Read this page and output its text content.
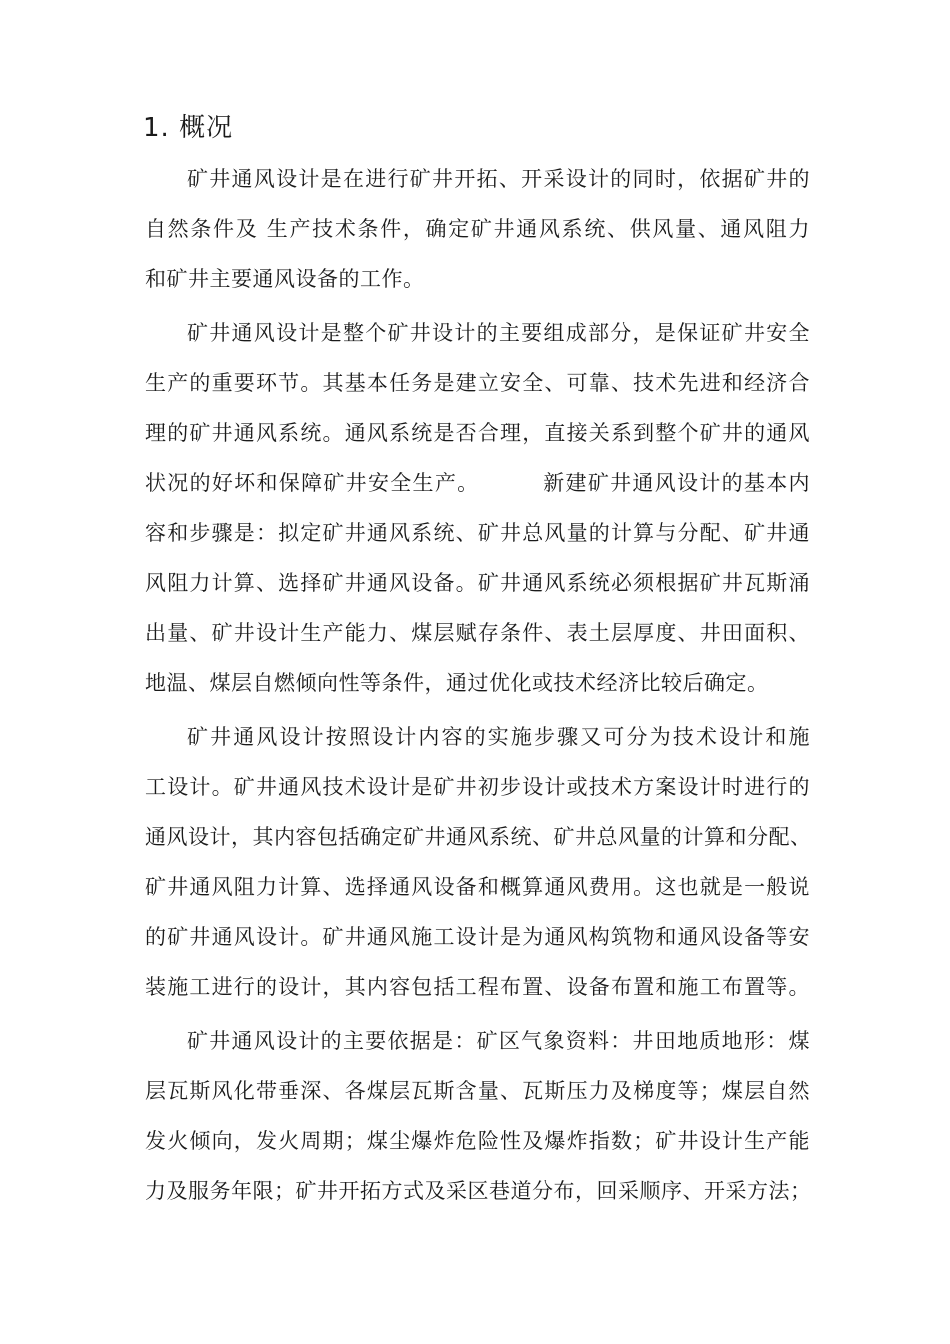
1. 概况
矿井通风设计是在进行矿井开拓、开采设计的同时，依据矿井的
自然条件及 生产技术条件，确定矿井通风系统、供风量、通风阻力
和矿井主要通风设备的工作。
矿井通风设计是整个矿井设计的主要组成部分，是保证矿井安全
生产的重要环节。其基本任务是建立安全、可靠、技术先进和经济合
理的矿井通风系统。通风系统是否合理，直接关系到整个矿井的通风
状况的好坏和保障矿井安全生产。        新建矿井通风设计的基本内
容和步骤是：拟定矿井通风系统、矿井总风量的计算与分配、矿井通
风阻力计算、选择矿井通风设备。矿井通风系统必须根据矿井瓦斯涌
出量、矿井设计生产能力、煤层赋存条件、表土层厚度、井田面积、
地温、煤层自燃倾向性等条件，通过优化或技术经济比较后确定。
矿井通风设计按照设计内容的实施步骤又可分为技术设计和施
工设计。矿井通风技术设计是矿井初步设计或技术方案设计时进行的
通风设计，其内容包括确定矿井通风系统、矿井总风量的计算和分配、
矿井通风阻力计算、选择通风设备和概算通风费用。这也就是一般说
的矿井通风设计。矿井通风施工设计是为通风构筑物和通风设备等安
装施工进行的设计，其内容包括工程布置、设备布置和施工布置等。
矿井通风设计的主要依据是：矿区气象资料：井田地质地形：煤
层瓦斯风化带垂深、各煤层瓦斯含量、瓦斯压力及梯度等；煤层自然
发火倾向，发火周期；煤尘爆炸危险性及爆炸指数；矿井设计生产能
力及服务年限；矿井开拓方式及采区巷道分布，回采顺序、开采方法；
